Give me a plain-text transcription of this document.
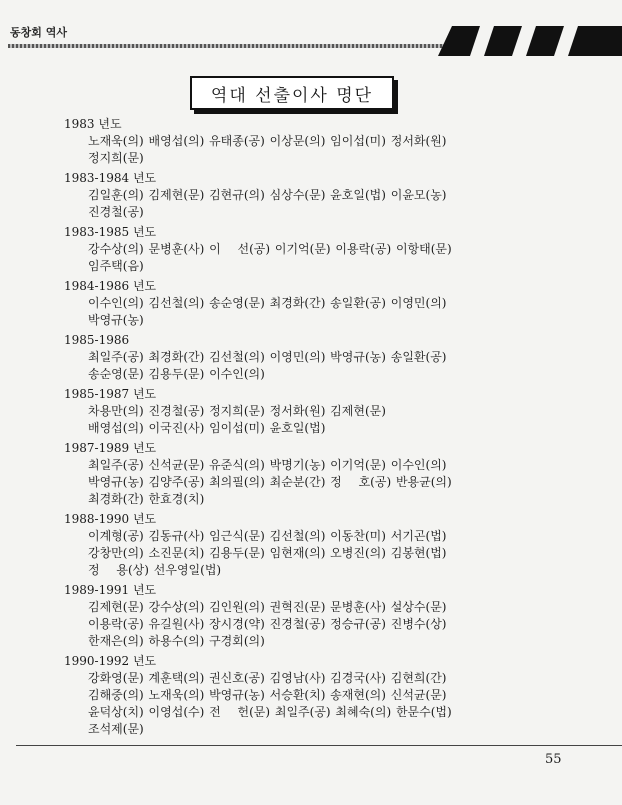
동창회 역사
역대 선출이사 명단
1983 년도
노재욱(의) 배영섭(의) 유태종(공) 이상문(의) 임이섭(미) 정서화(원)
정지희(문)
1983-1984 년도
김일훈(의) 김제현(문) 김현규(의) 심상수(문) 윤호일(법) 이윤모(농)
진경철(공)
1983-1985 년도
강수상(의) 문병훈(사) 이 　선(공) 이기억(문) 이용락(공) 이항태(문)
임주택(음)
1984-1986 년도
이수인(의) 김선철(의) 송순영(문) 최경화(간) 송일환(공) 이영민(의)
박영규(농)
1985-1986
최일주(공) 최경화(간) 김선철(의) 이영민(의) 박영규(농) 송일환(공)
송순영(문) 김용두(문) 이수인(의)
1985-1987 년도
차용만(의) 진경철(공) 정지희(문) 정서화(원) 김제현(문)
배영섭(의) 이국진(사) 임이섭(미) 윤호일(법)
1987-1989 년도
최일주(공) 신석균(문) 유준식(의) 박명기(농) 이기억(문) 이수인(의)
박영규(농) 김양주(공) 최의필(의) 최순분(간) 정 　호(공) 반용균(의)
최경화(간) 한효경(치)
1988-1990 년도
이계형(공) 김동규(사) 임근식(문) 김선철(의) 이동찬(미) 서기곤(법)
강창만(의) 소진문(치) 김용두(문) 임현재(의) 오병진(의) 김봉현(법)
정 　용(상) 선우영일(법)
1989-1991 년도
김제현(문) 강수상(의) 김인원(의) 권혁진(문) 문병훈(사) 설상수(문)
이용락(공) 유길원(사) 장시경(약) 진경철(공) 정승규(공) 진병수(상)
한재은(의) 하용수(의) 구경회(의)
1990-1992 년도
강화영(문) 계훈택(의) 권신호(공) 김영남(사) 김경국(사) 김현희(간)
김해중(의) 노재욱(의) 박영규(농) 서승환(치) 송재현(의) 신석균(문)
윤덕상(치) 이영섭(수) 전 　헌(문) 최일주(공) 최혜숙(의) 한문수(법)
조석제(문)
55
